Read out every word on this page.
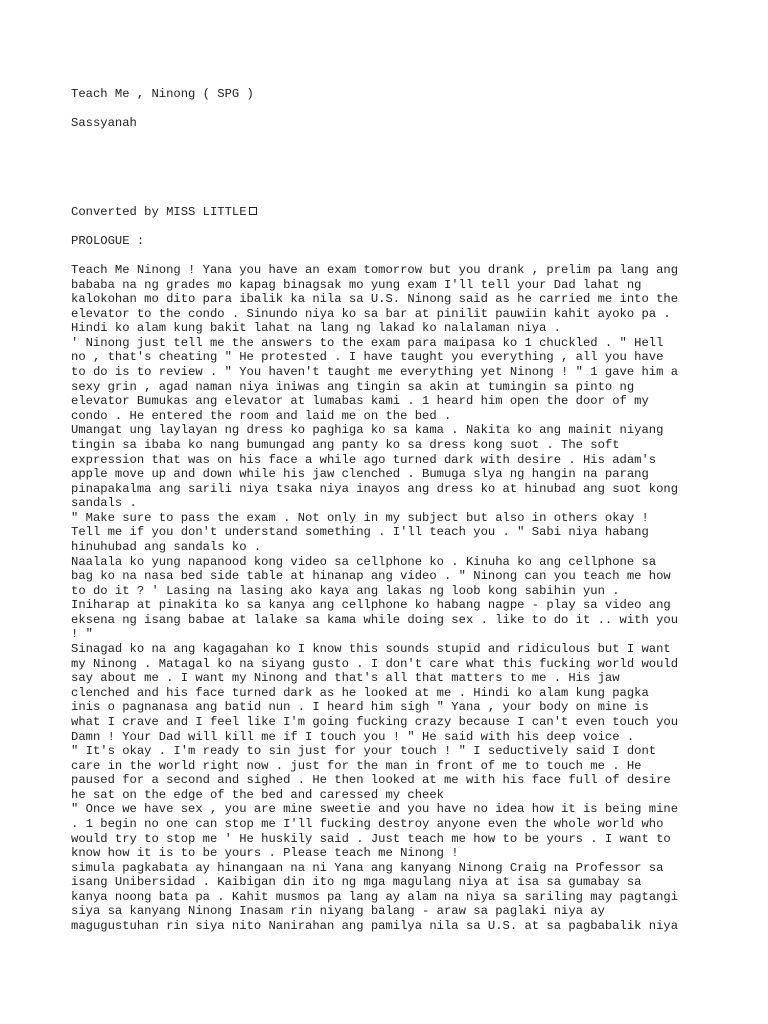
Teach Me , Ninong ( SPG )

Sassyanah

Converted by MISS LITTLE

PROLOGUE :

Teach Me Ninong ! Yana you have an exam tomorrow but you drank , prelim pa lang ang
bababa na ng grades mo kapag binagsak mo yung exam I'll tell your Dad lahat ng
kalokohan mo dito para ibalik ka nila sa U.S. Ninong said as he carried me into the
elevator to the condo . Sinundo niya ko sa bar at pinilit pauwiin kahit ayoko pa .
Hindi ko alam kung bakit lahat na lang ng lakad ko nalalaman niya .
' Ninong just tell me the answers to the exam para maipasa ko 1 chuckled . " Hell
no , that's cheating " He protested . I have taught you everything , all you have
to do is to review . " You haven't taught me everything yet Ninong ! " 1 gave him a
sexy grin , agad naman niya iniwas ang tingin sa akin at tumingin sa pinto ng
elevator Bumukas ang elevator at lumabas kami . 1 heard him open the door of my
condo . He entered the room and laid me on the bed .
Umangat ung laylayan ng dress ko paghiga ko sa kama . Nakita ko ang mainit niyang
tingin sa ibaba ko nang bumungad ang panty ko sa dress kong suot . The soft
expression that was on his face a while ago turned dark with desire . His adam's
apple move up and down while his jaw clenched . Bumuga slya ng hangin na parang
pinapakalma ang sarili niya tsaka niya inayos ang dress ko at hinubad ang suot kong
sandals .
" Make sure to pass the exam . Not only in my subject but also in others okay !
Tell me if you don't understand something . I'll teach you . " Sabi niya habang
hinuhubad ang sandals ko .
Naalala ko yung napanood kong video sa cellphone ko . Kinuha ko ang cellphone sa
bag ko na nasa bed side table at hinanap ang video . " Ninong can you teach me how
to do it ? ' Lasing na lasing ako kaya ang lakas ng loob kong sabihin yun .
Iniharap at pinakita ko sa kanya ang cellphone ko habang nagpe - play sa video ang
eksena ng isang babae at lalake sa kama while doing sex . like to do it .. with you
! "
Sinagad ko na ang kagagahan ko I know this sounds stupid and ridiculous but I want
my Ninong . Matagal ko na siyang gusto . I don't care what this fucking world would
say about me . I want my Ninong and that's all that matters to me . His jaw
clenched and his face turned dark as he looked at me . Hindi ko alam kung pagka
inis o pagnanasa ang batid nun . I heard him sigh " Yana , your body on mine is
what I crave and I feel like I'm going fucking crazy because I can't even touch you
Damn ! Your Dad will kill me if I touch you ! " He said with his deep voice .
" It's okay . I'm ready to sin just for your touch ! " I seductively said I dont
care in the world right now . just for the man in front of me to touch me . He
paused for a second and sighed . He then looked at me with his face full of desire
he sat on the edge of the bed and caressed my cheek
" Once we have sex , you are mine sweetie and you have no idea how it is being mine
. 1 begin no one can stop me I'll fucking destroy anyone even the whole world who
would try to stop me ' He huskily said . Just teach me how to be yours . I want to
know how it is to be yours . Please teach me Ninong !
simula pagkabata ay hinangaan na ni Yana ang kanyang Ninong Craig na Professor sa
isang Unibersidad . Kaibigan din ito ng mga magulang niya at isa sa gumabay sa
kanya noong bata pa . Kahit musmos pa lang ay alam na niya sa sariling may pagtangi
siya sa kanyang Ninong Inasam rin niyang balang - araw sa paglaki niya ay
magugustuhan rin siya nito Nanirahan ang pamilya nila sa U.S. at sa pagbabalik niya
